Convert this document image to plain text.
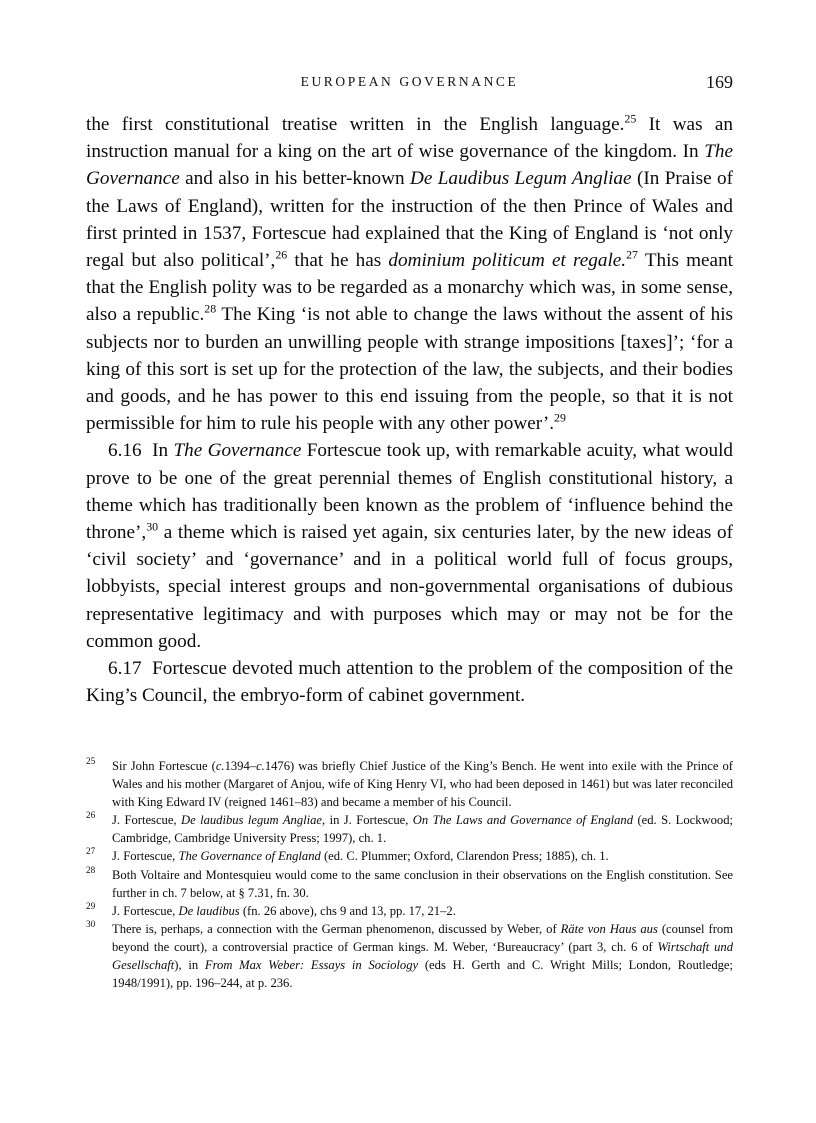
EUROPEAN GOVERNANCE	169

the first constitutional treatise written in the English language.$^{25}$ It was an instruction manual for a king on the art of wise governance of the kingdom. In The Governance and also in his better-known De Laudibus Legum Angliae (In Praise of the Laws of England), written for the instruction of the then Prince of Wales and first printed in 1537, Fortescue had explained that the King of England is ‘not only regal but also political’,$^{26}$ that he has dominium politicum et regale.$^{27}$ This meant that the English polity was to be regarded as a monarchy which was, in some sense, also a republic.$^{28}$ The King ‘is not able to change the laws without the assent of his subjects nor to burden an unwilling people with strange impositions [taxes]’; ‘for a king of this sort is set up for the protection of the law, the subjects, and their bodies and goods, and he has power to this end issuing from the people, so that it is not permissible for him to rule his people with any other power’.$^{29}$

6.16 In The Governance Fortescue took up, with remarkable acuity, what would prove to be one of the great perennial themes of English constitutional history, a theme which has traditionally been known as the problem of ‘influence behind the throne’,$^{30}$ a theme which is raised yet again, six centuries later, by the new ideas of ‘civil society’ and ‘governance’ and in a political world full of focus groups, lobbyists, special interest groups and non-governmental organisations of dubious representative legitimacy and with purposes which may or may not be for the common good.

6.17 Fortescue devoted much attention to the problem of the composition of the King’s Council, the embryo-form of cabinet government.

25 Sir John Fortescue (c.1394–c.1476) was briefly Chief Justice of the King’s Bench. He went into exile with the Prince of Wales and his mother (Margaret of Anjou, wife of King Henry VI, who had been deposed in 1461) but was later reconciled with King Edward IV (reigned 1461–83) and became a member of his Council.

26 J. Fortescue, De laudibus legum Angliae, in J. Fortescue, On The Laws and Governance of England (ed. S. Lockwood; Cambridge, Cambridge University Press; 1997), ch. 1.

27 J. Fortescue, The Governance of England (ed. C. Plummer; Oxford, Clarendon Press; 1885), ch. 1.

28 Both Voltaire and Montesquieu would come to the same conclusion in their observations on the English constitution. See further in ch. 7 below, at § 7.31, fn. 30.

29 J. Fortescue, De laudibus (fn. 26 above), chs 9 and 13, pp. 17, 21–2.

30 There is, perhaps, a connection with the German phenomenon, discussed by Weber, of Räte von Haus aus (counsel from beyond the court), a controversial practice of German kings. M. Weber, ‘Bureaucracy’ (part 3, ch. 6 of Wirtschaft und Gesellschaft), in From Max Weber: Essays in Sociology (eds H. Gerth and C. Wright Mills; London, Routledge; 1948/1991), pp. 196–244, at p. 236.
